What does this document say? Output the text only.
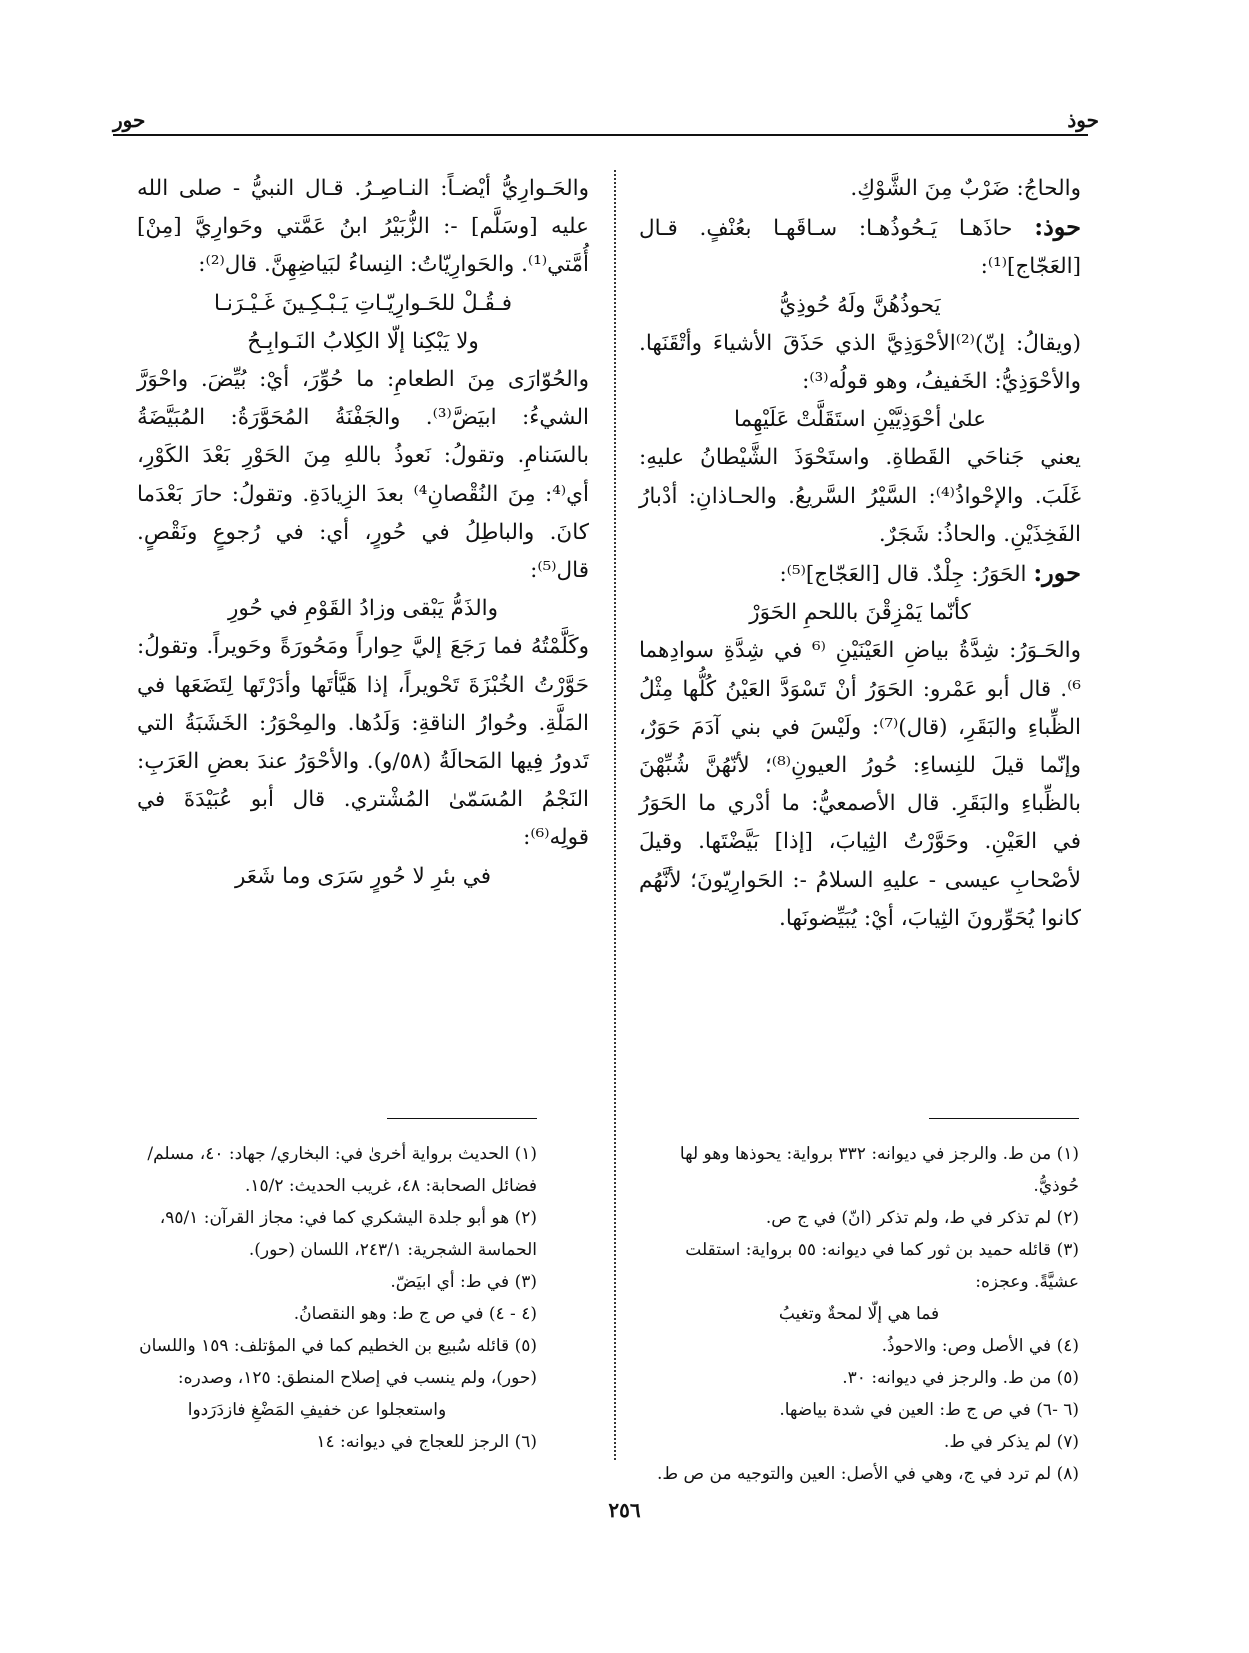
حوذ
حور

والحاجُ: ضَرْبٌ مِنَ الشَّوْكِ.

حوذ: حاذَهـا يَـحُوذُهـا: سـاقَهـا بعُنْفٍ. قـال [العَجّاج]⁽¹⁾:

يَحوذُهُنَّ ولَهُ حُوذِيُّ

(ويقالُ: إنّ)⁽²⁾الأحْوَذِيَّ الذي حَذَقَ الأشياءَ وأتْقَنَها. والأحْوَذِيُّ: الخَفيفُ، وهو قولُه⁽³⁾:

علىٰ أحْوَذِيَّيْنِ استَقَلَّتْ عَلَيْهِما

يعني جَناحَي القَطاةِ. واستَحْوَذَ الشَّيْطانُ عليهِ: غَلَبَ. والإحْواذُ⁽⁴⁾: السَّيْرُ السَّريعُ. والحـاذانِ: أدْبارُ الفَخِذَيْنِ. والحاذُ: شَجَرٌ.

حور: الحَوَرُ: جِلْدٌ. قال [العَجّاج]⁽⁵⁾:

كأنّما يَمْزِقْنَ باللحمِ الحَوَرْ

والحَـوَرُ: شِدَّةُ بياضِ العَيْنَيْنِ ⁽⁶ في شِدَّةِ سوادِهما ⁶⁾. قال أبو عَمْرو: الحَوَرُ أنْ تَسْوَدَّ العَيْنُ كُلُّها مِثْلُ الظِّباءِ والبَقَرِ، (قال)⁽⁷⁾: ولَيْسَ في بني آدَمَ حَوَرٌ، وإنّما قيلَ للنِساءِ: حُورُ العيونِ⁽⁸⁾؛ لأنّهُنَّ شُبِّهْنَ بالظِّباءِ والبَقَرِ. قال الأصمعيُّ: ما أدْري ما الحَوَرُ في العَيْنِ. وحَوَّرْتُ الثِيابَ، [إذا] بَيَّضْتَها. وقيلَ لأصْحابِ عيسى - عليهِ السلامُ -: الحَوارِيّونَ؛ لأنَّهُم كانوا يُحَوِّرونَ الثِيابَ، أيْ: يُبَيِّضونَها.

والحَـوارِيُّ أيْضـاً: النـاصِـرُ. قـال النبيُّ - صلى الله عليه [وسَلَّم] -: الزُّبَيْرُ ابنُ عَمَّتي وحَوارِيَّ [مِنْ] أُمَّتي⁽¹⁾. والحَوارِيّاتُ: النِساءُ لبَياضِهِنَّ. قال⁽²⁾:

فـقُـلْ للحَـوارِيّـاتِ يَـبْـكِـينَ غَـيْـرَنـا

ولا يَبْكِنا إلّا الكِلابُ النَـوابِـحُ

والحُوّارَى مِنَ الطعامِ: ما حُوِّرَ، أيْ: بُيِّضَ. واحْوَرَّ الشيءُ: ابيَضَّ⁽³⁾. والجَفْنَةُ المُحَوَّرَةُ: المُبَيَّضَةُ بالسَنامِ. وتقولُ: نَعوذُ باللهِ مِنَ الحَوْرِ بَعْدَ الكَوْرِ، أي⁽⁴: مِنَ النُقْصانِ⁴⁾ بعدَ الزِيادَةِ. وتقولُ: حارَ بَعْدَما كانَ. والباطِلُ في حُورٍ، أي: في رُجوعٍ ونَقْصٍ. قال⁽⁵⁾:

والذَمُّ يَبْقى وزادُ القَوْمِ في حُورِ

وكَلَّمْتُهُ فما رَجَعَ إليَّ حِواراً ومَحُورَةً وحَويراً. وتقولُ: حَوَّرْتُ الخُبْزَةَ تَحْويراً، إذا هَيَّأتَها وأدَرْتَها لِتَضَعَها في المَلَّةِ. وحُوارُ الناقةِ: وَلَدُها. والمِحْوَرُ: الخَشَبَةُ التي تَدورُ فِيها المَحالَةُ (٥٨/و). والأحْوَرُ عندَ بعضِ العَرَبِ: النَجْمُ المُسَمّىٰ المُشْتري. قال أبو عُبَيْدَةَ في قولِه⁽⁶⁾:

في بئرِ لا حُورٍ سَرَى وما شَعَر

(١) من ط. والرجز في ديوانه: ٣٣٢ برواية: يحوذها وهو لها حُوذيُّ.

(٢) لم تذكر في ط، ولم تذكر (انّ) في ج ص.

(٣) قائله حميد بن ثور كما في ديوانه: ٥٥ برواية: استقلت عشيَّةً. وعجزه:

فما هي إلّا لمحةٌ وتغيبُ

(٤) في الأصل وص: والاحوذُ.

(٥) من ط. والرجز في ديوانه: ٣٠.

(٦ -٦) في ص ج ط: العين في شدة بياضها.

(٧) لم يذكر في ط.

(٨) لم ترد في ج، وهي في الأصل: العين والتوجيه من ص ط.

(١) الحديث برواية أخرىٰ في: البخاري/ جهاد: ٤٠، مسلم/ فضائل الصحابة: ٤٨، غريب الحديث: ١٥/٢.

(٢) هو أبو جلدة اليشكري كما في: مجاز القرآن: ٩٥/١، الحماسة الشجرية: ٢٤٣/١، اللسان (حور).

(٣) في ط: أي ابيَضّ.

(٤ - ٤) في ص ج ط: وهو النقصانُ.

(٥) قائله سُبيع بن الخطيم كما في المؤتلف: ١٥٩ واللسان (حور)، ولم ينسب في إصلاح المنطق: ١٢٥، وصدره:

واستعجلوا عن خفيفِ المَضْغِ فازدَرَدوا

(٦) الرجز للعجاج في ديوانه: ١٤

٢٥٦
